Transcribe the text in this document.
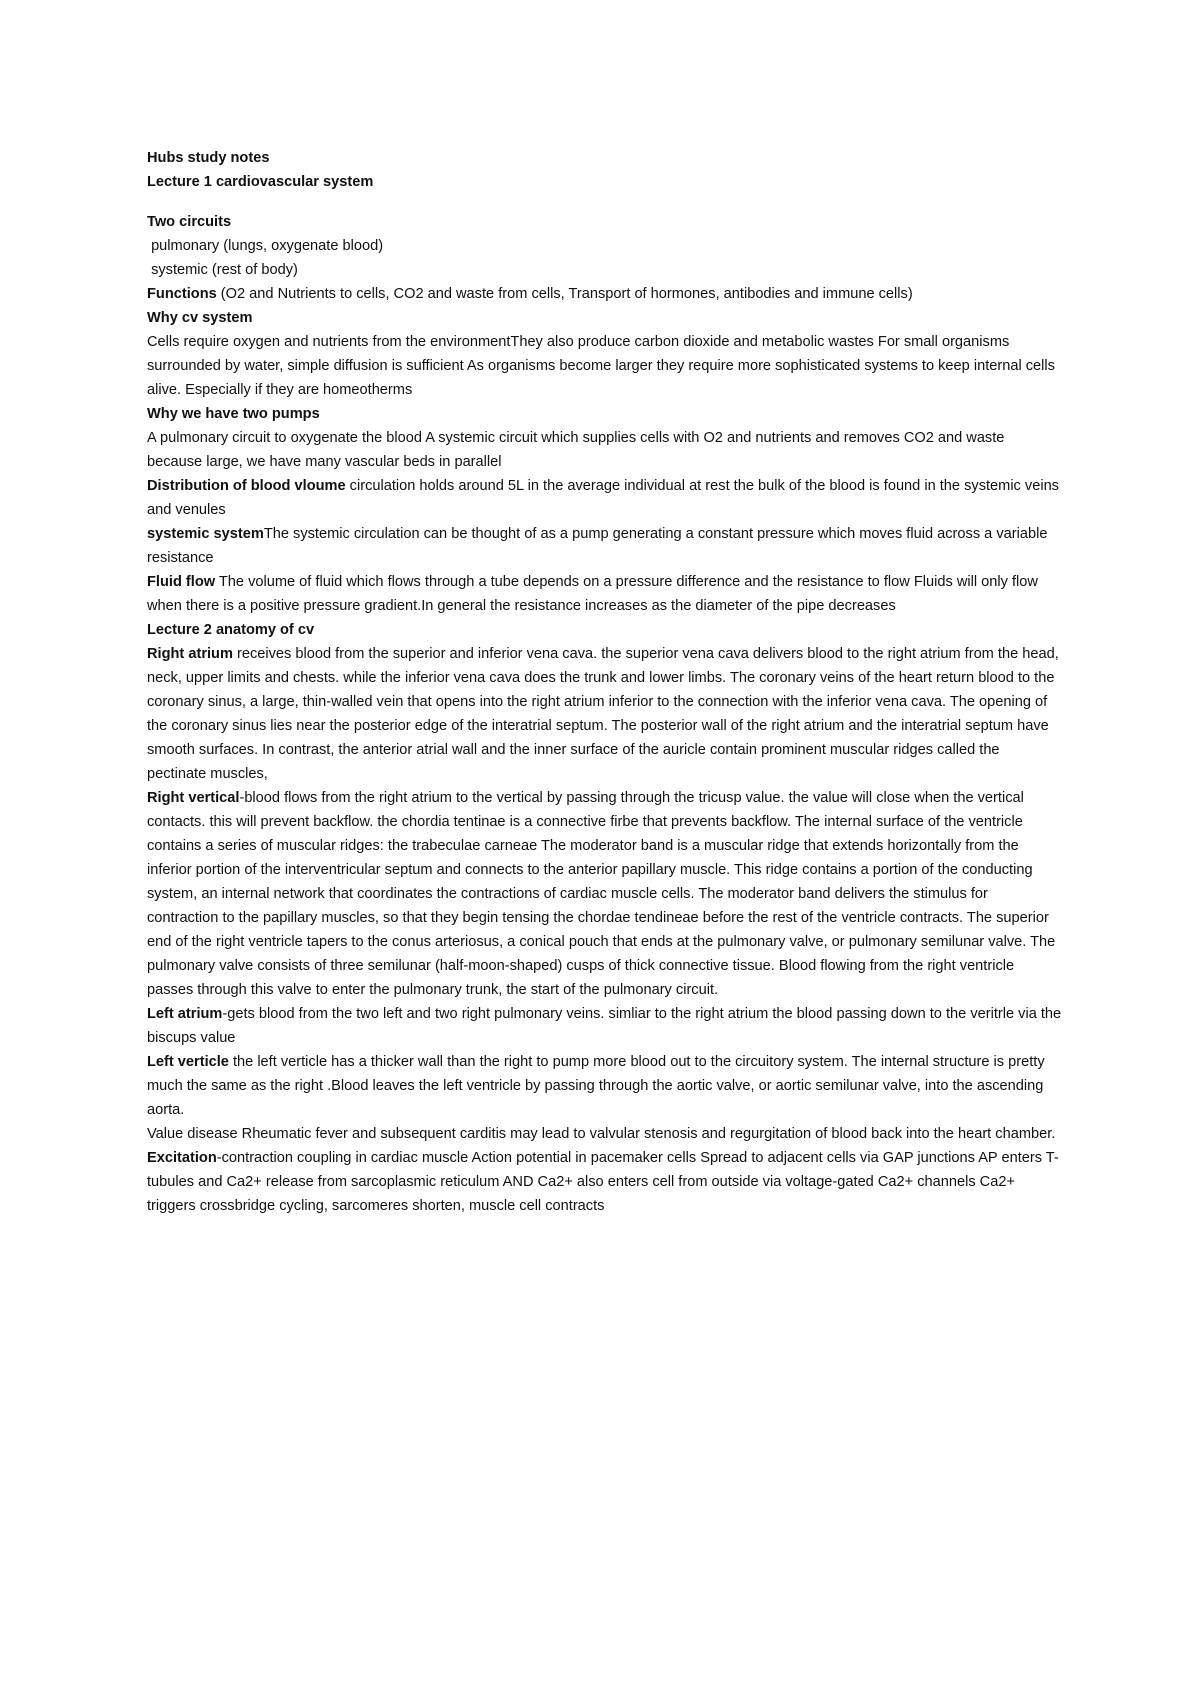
Hubs study notes

Lecture 1 cardiovascular system

Two circuits

pulmonary (lungs, oxygenate blood)

systemic (rest of body)

Functions (O2 and Nutrients to cells, CO2 and waste from cells, Transport of hormones, antibodies and immune cells)

Why cv system

Cells require oxygen and nutrients from the environmentThey also produce carbon dioxide and metabolic wastes For small organisms surrounded by water, simple diffusion is sufficient As organisms become larger they require more sophisticated systems to keep internal cells alive. Especially if they are homeotherms

Why we have two pumps

A pulmonary circuit to oxygenate the blood A systemic circuit which supplies cells with O2 and nutrients and removes CO2 and waste because large, we have many vascular beds in parallel

Distribution of blood vloume circulation holds around 5L in the average individual at rest the bulk of the blood is found in the systemic veins and venules

systemic systemThe systemic circulation can be thought of as a pump generating a constant pressure which moves fluid across a variable resistance

Fluid flow The volume of fluid which flows through a tube depends on a pressure difference and the resistance to flow Fluids will only flow when there is a positive pressure gradient.In general the resistance increases as the diameter of the pipe decreases

Lecture 2 anatomy of cv

Right atrium receives blood from the superior and inferior vena cava. the superior vena cava delivers blood to the right atrium from the head, neck, upper limits and chests. while the inferior vena cava does the trunk and lower limbs. The coronary veins of the heart return blood to the coronary sinus, a large, thin-walled vein that opens into the right atrium inferior to the connection with the inferior vena cava. The opening of the coronary sinus lies near the posterior edge of the interatrial septum. The posterior wall of the right atrium and the interatrial septum have smooth surfaces. In contrast, the anterior atrial wall and the inner surface of the auricle contain prominent muscular ridges called the pectinate muscles,

Right vertical-blood flows from the right atrium to the vertical by passing through the tricusp value. the value will close when the vertical contacts. this will prevent backflow. the chordia tentinae is a connective firbe that prevents backflow. The internal surface of the ventricle contains a series of muscular ridges: the trabeculae carneae The moderator band is a muscular ridge that extends horizontally from the inferior portion of the interventricular septum and connects to the anterior papillary muscle. This ridge contains a portion of the conducting system, an internal network that coordinates the contractions of cardiac muscle cells. The moderator band delivers the stimulus for contraction to the papillary muscles, so that they begin tensing the chordae tendineae before the rest of the ventricle contracts. The superior end of the right ventricle tapers to the conus arteriosus, a conical pouch that ends at the pulmonary valve, or pulmonary semilunar valve. The pulmonary valve consists of three semilunar (half-moon-shaped) cusps of thick connective tissue. Blood flowing from the right ventricle passes through this valve to enter the pulmonary trunk, the start of the pulmonary circuit.

Left atrium-gets blood from the two left and two right pulmonary veins. simliar to the right atrium the blood passing down to the veritrle via the biscups value

Left verticle the left verticle has a thicker wall than the right to pump more blood out to the circuitory system. The internal structure is pretty much the same as the right .Blood leaves the left ventricle by passing through the aortic valve, or aortic semilunar valve, into the ascending aorta.

Value disease Rheumatic fever and subsequent carditis may lead to valvular stenosis and regurgitation of blood back into the heart chamber.

Excitation-contraction coupling in cardiac muscle Action potential in pacemaker cells Spread to adjacent cells via GAP junctions AP enters T-tubules and Ca2+ release from sarcoplasmic reticulum AND Ca2+ also enters cell from outside via voltage-gated Ca2+ channels Ca2+ triggers crossbridge cycling, sarcomeres shorten, muscle cell contracts
